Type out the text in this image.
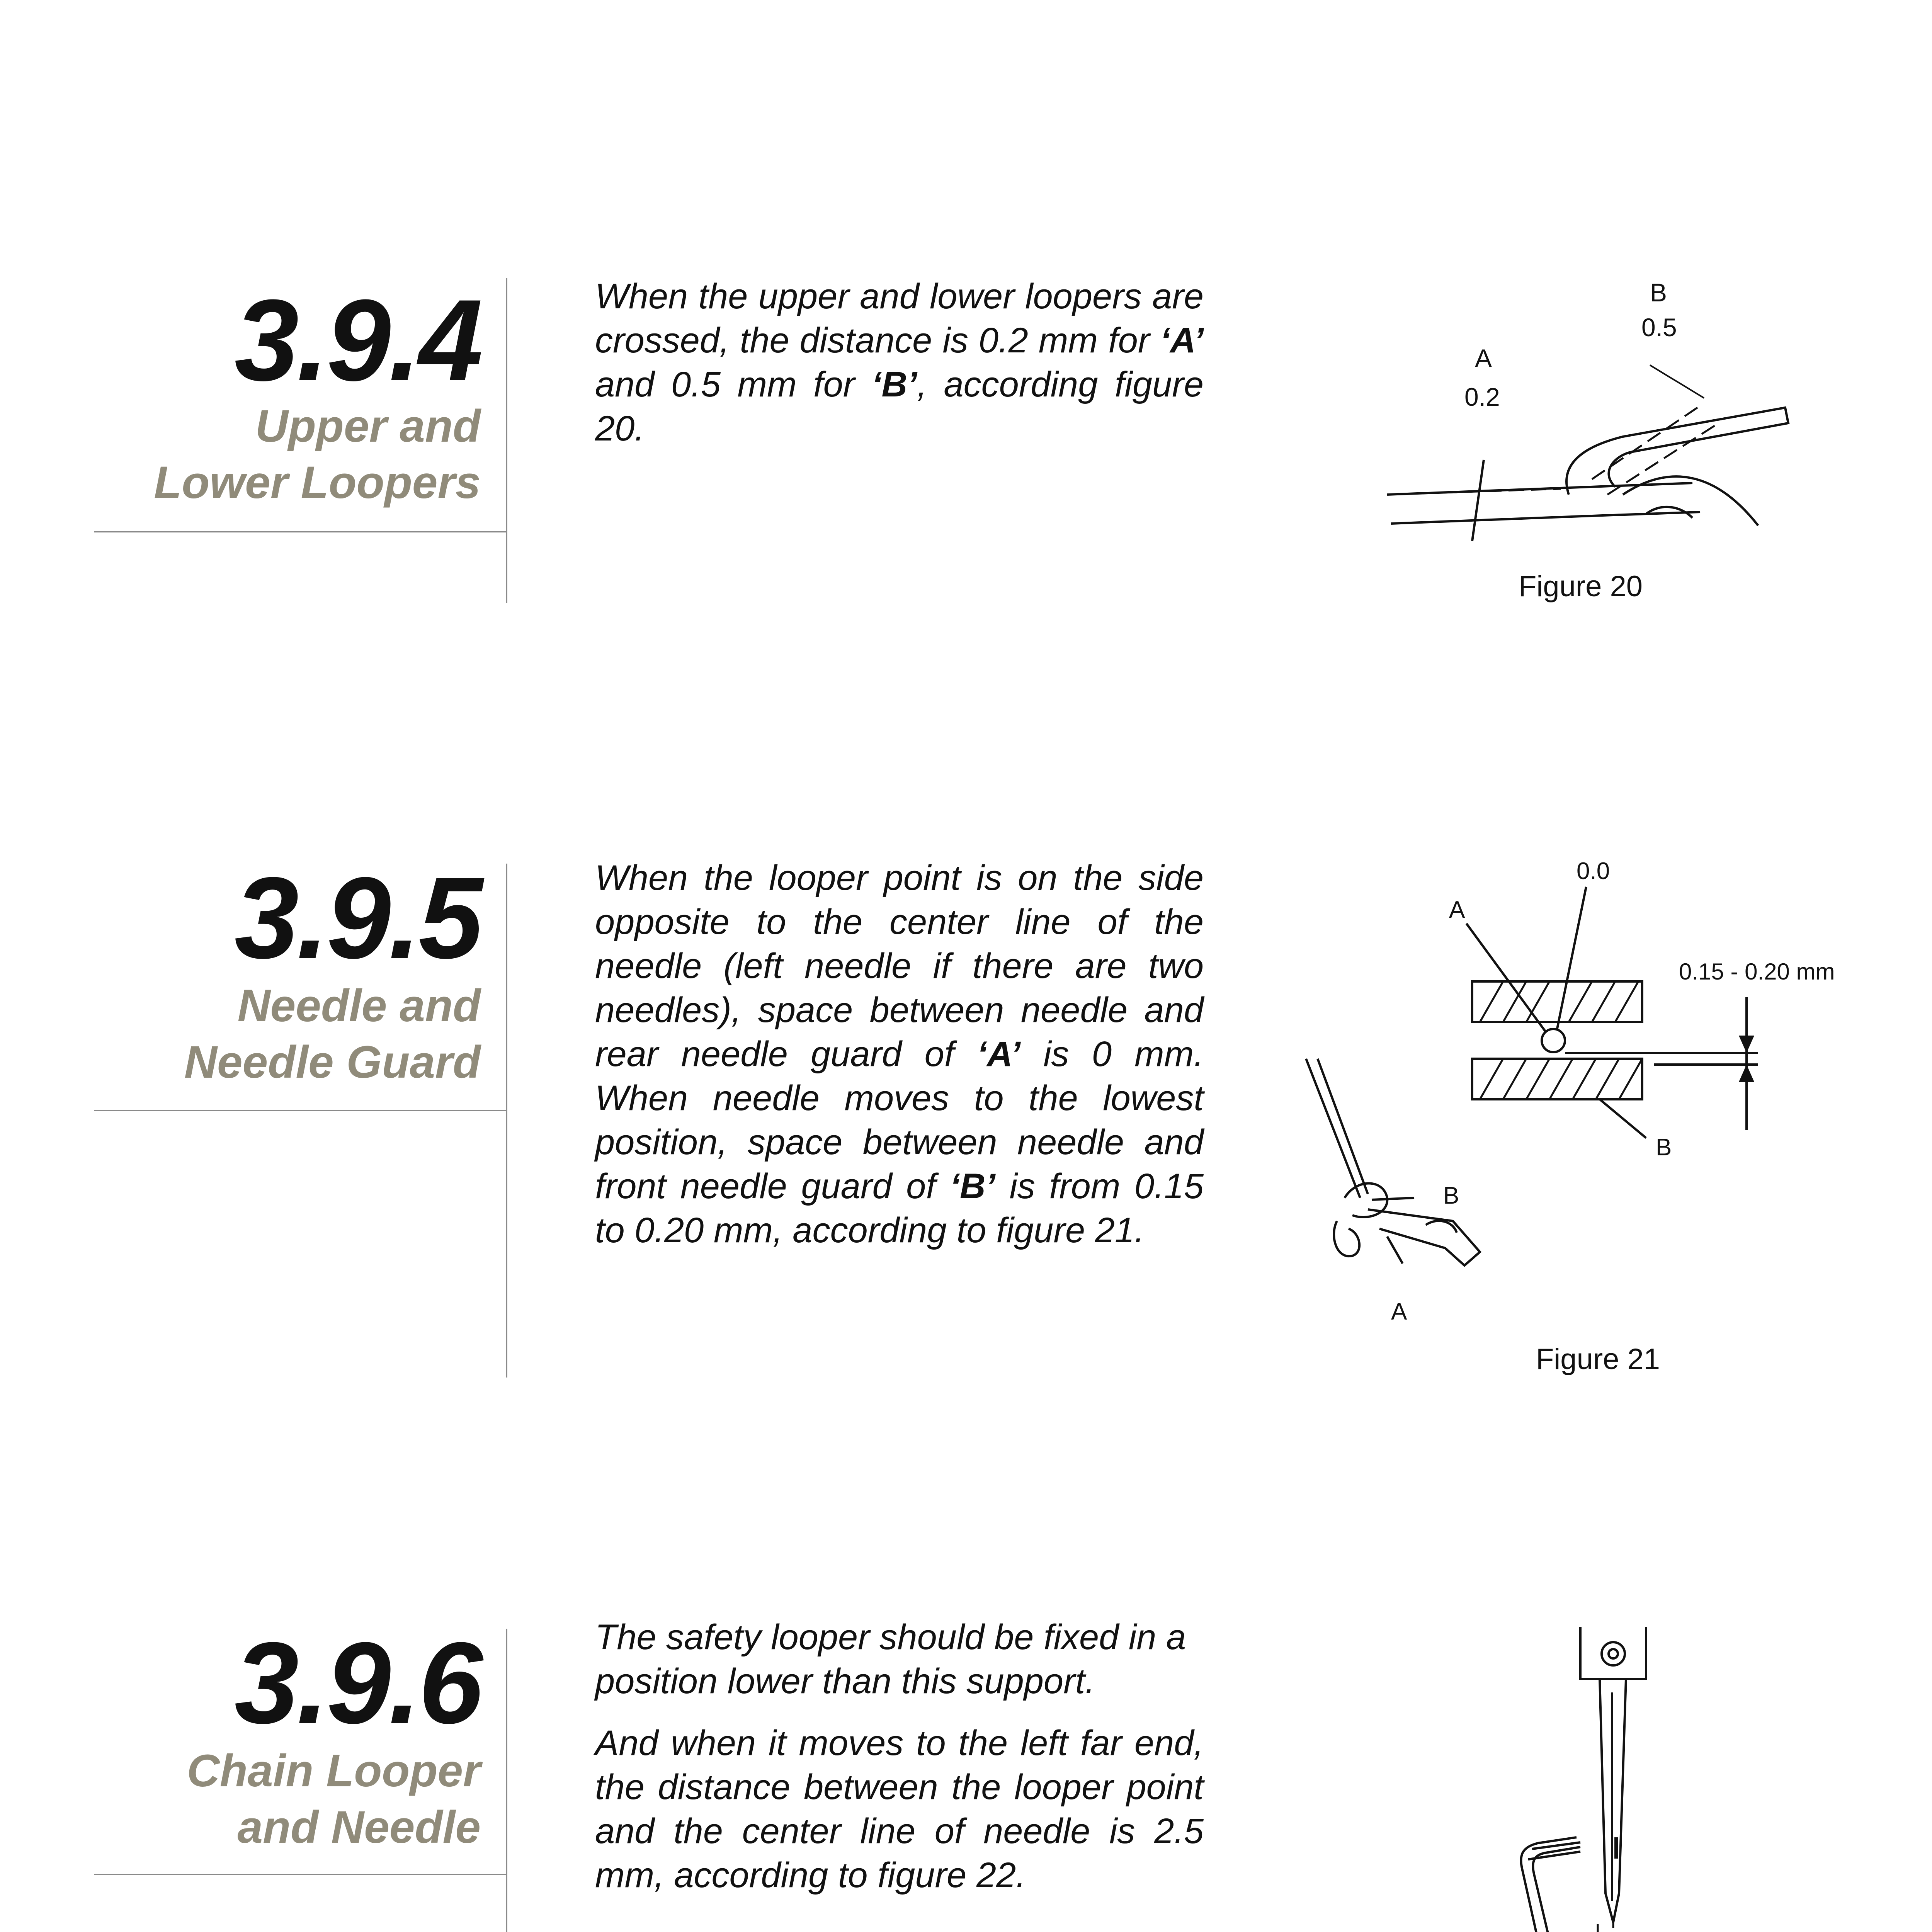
3.9.4
Upper and
Lower Loopers

When the upper and lower loopers are crossed, the distance is 0.2 mm for ‘A’ and 0.5 mm for ‘B’, according figure 20.

A
0.2
B
0.5
Figure 20
3.9.5
Needle and
Needle Guard

When the looper point is on the side opposite to the center line of the needle (left needle if there are two needles), space between needle and rear needle guard of ‘A’ is 0 mm. When needle moves to the lowest position, space between needle and front needle guard of ‘B’ is from 0.15 to 0.20 mm, according to figure 21.

0.0
A
0.15 - 0.20 mm
B
B
A
Figure 21
3.9.6
Chain Looper
and Needle

The safety looper should be fixed in a position lower than this support.

And when it moves to the left far end, the distance between the looper point and the center line of needle is 2.5 mm, according to figure 22.
